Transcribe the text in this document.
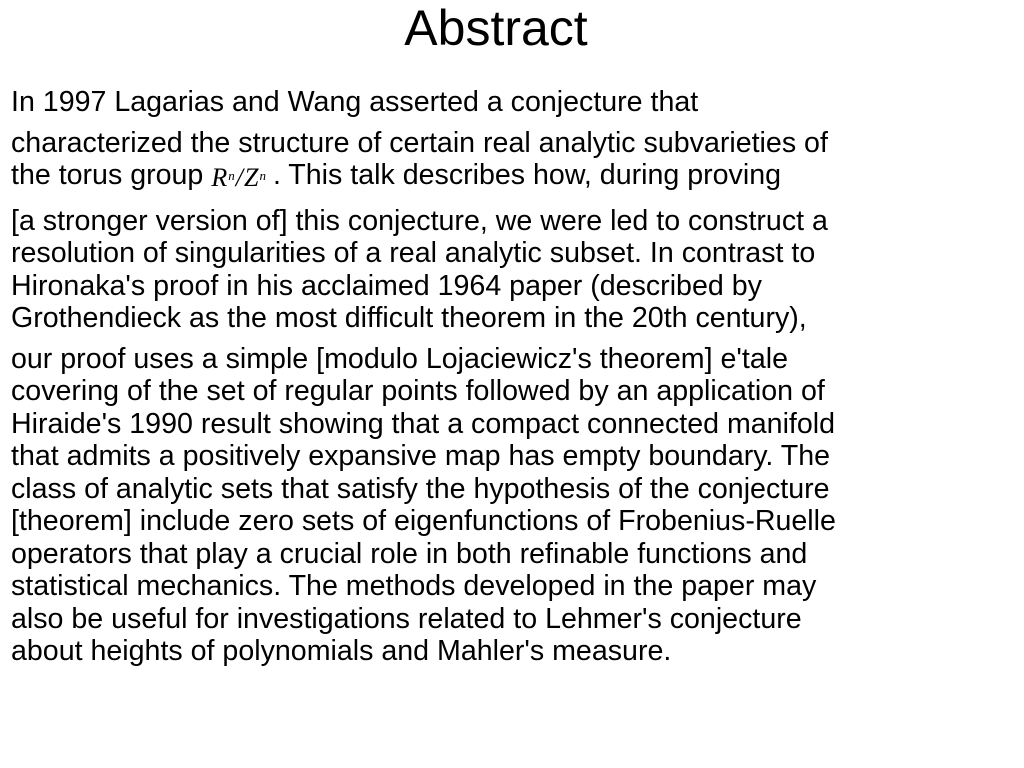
Abstract
In 1997 Lagarias and Wang asserted a conjecture that
characterized the structure of certain real analytic subvarieties of
the torus group $R^n/Z^n$ . This talk describes how, during proving
[a stronger version of] this conjecture, we were led to construct a
resolution of singularities of a real analytic subset. In contrast to
Hironaka's proof in his acclaimed 1964 paper (described by
Grothendieck as the most difficult theorem in the 20th century),
our proof uses a simple [modulo Lojaciewicz's theorem] e'tale
covering of the set of regular points followed by an application of
Hiraide's 1990 result showing that a compact connected manifold
that admits a positively expansive map has empty boundary. The
class of analytic sets that satisfy the hypothesis of the conjecture
[theorem] include zero sets of eigenfunctions of Frobenius-Ruelle
operators that play a crucial role in both refinable functions and
statistical mechanics. The methods developed in the paper may
also be useful for investigations related to Lehmer's conjecture
about heights of polynomials and Mahler's measure.
